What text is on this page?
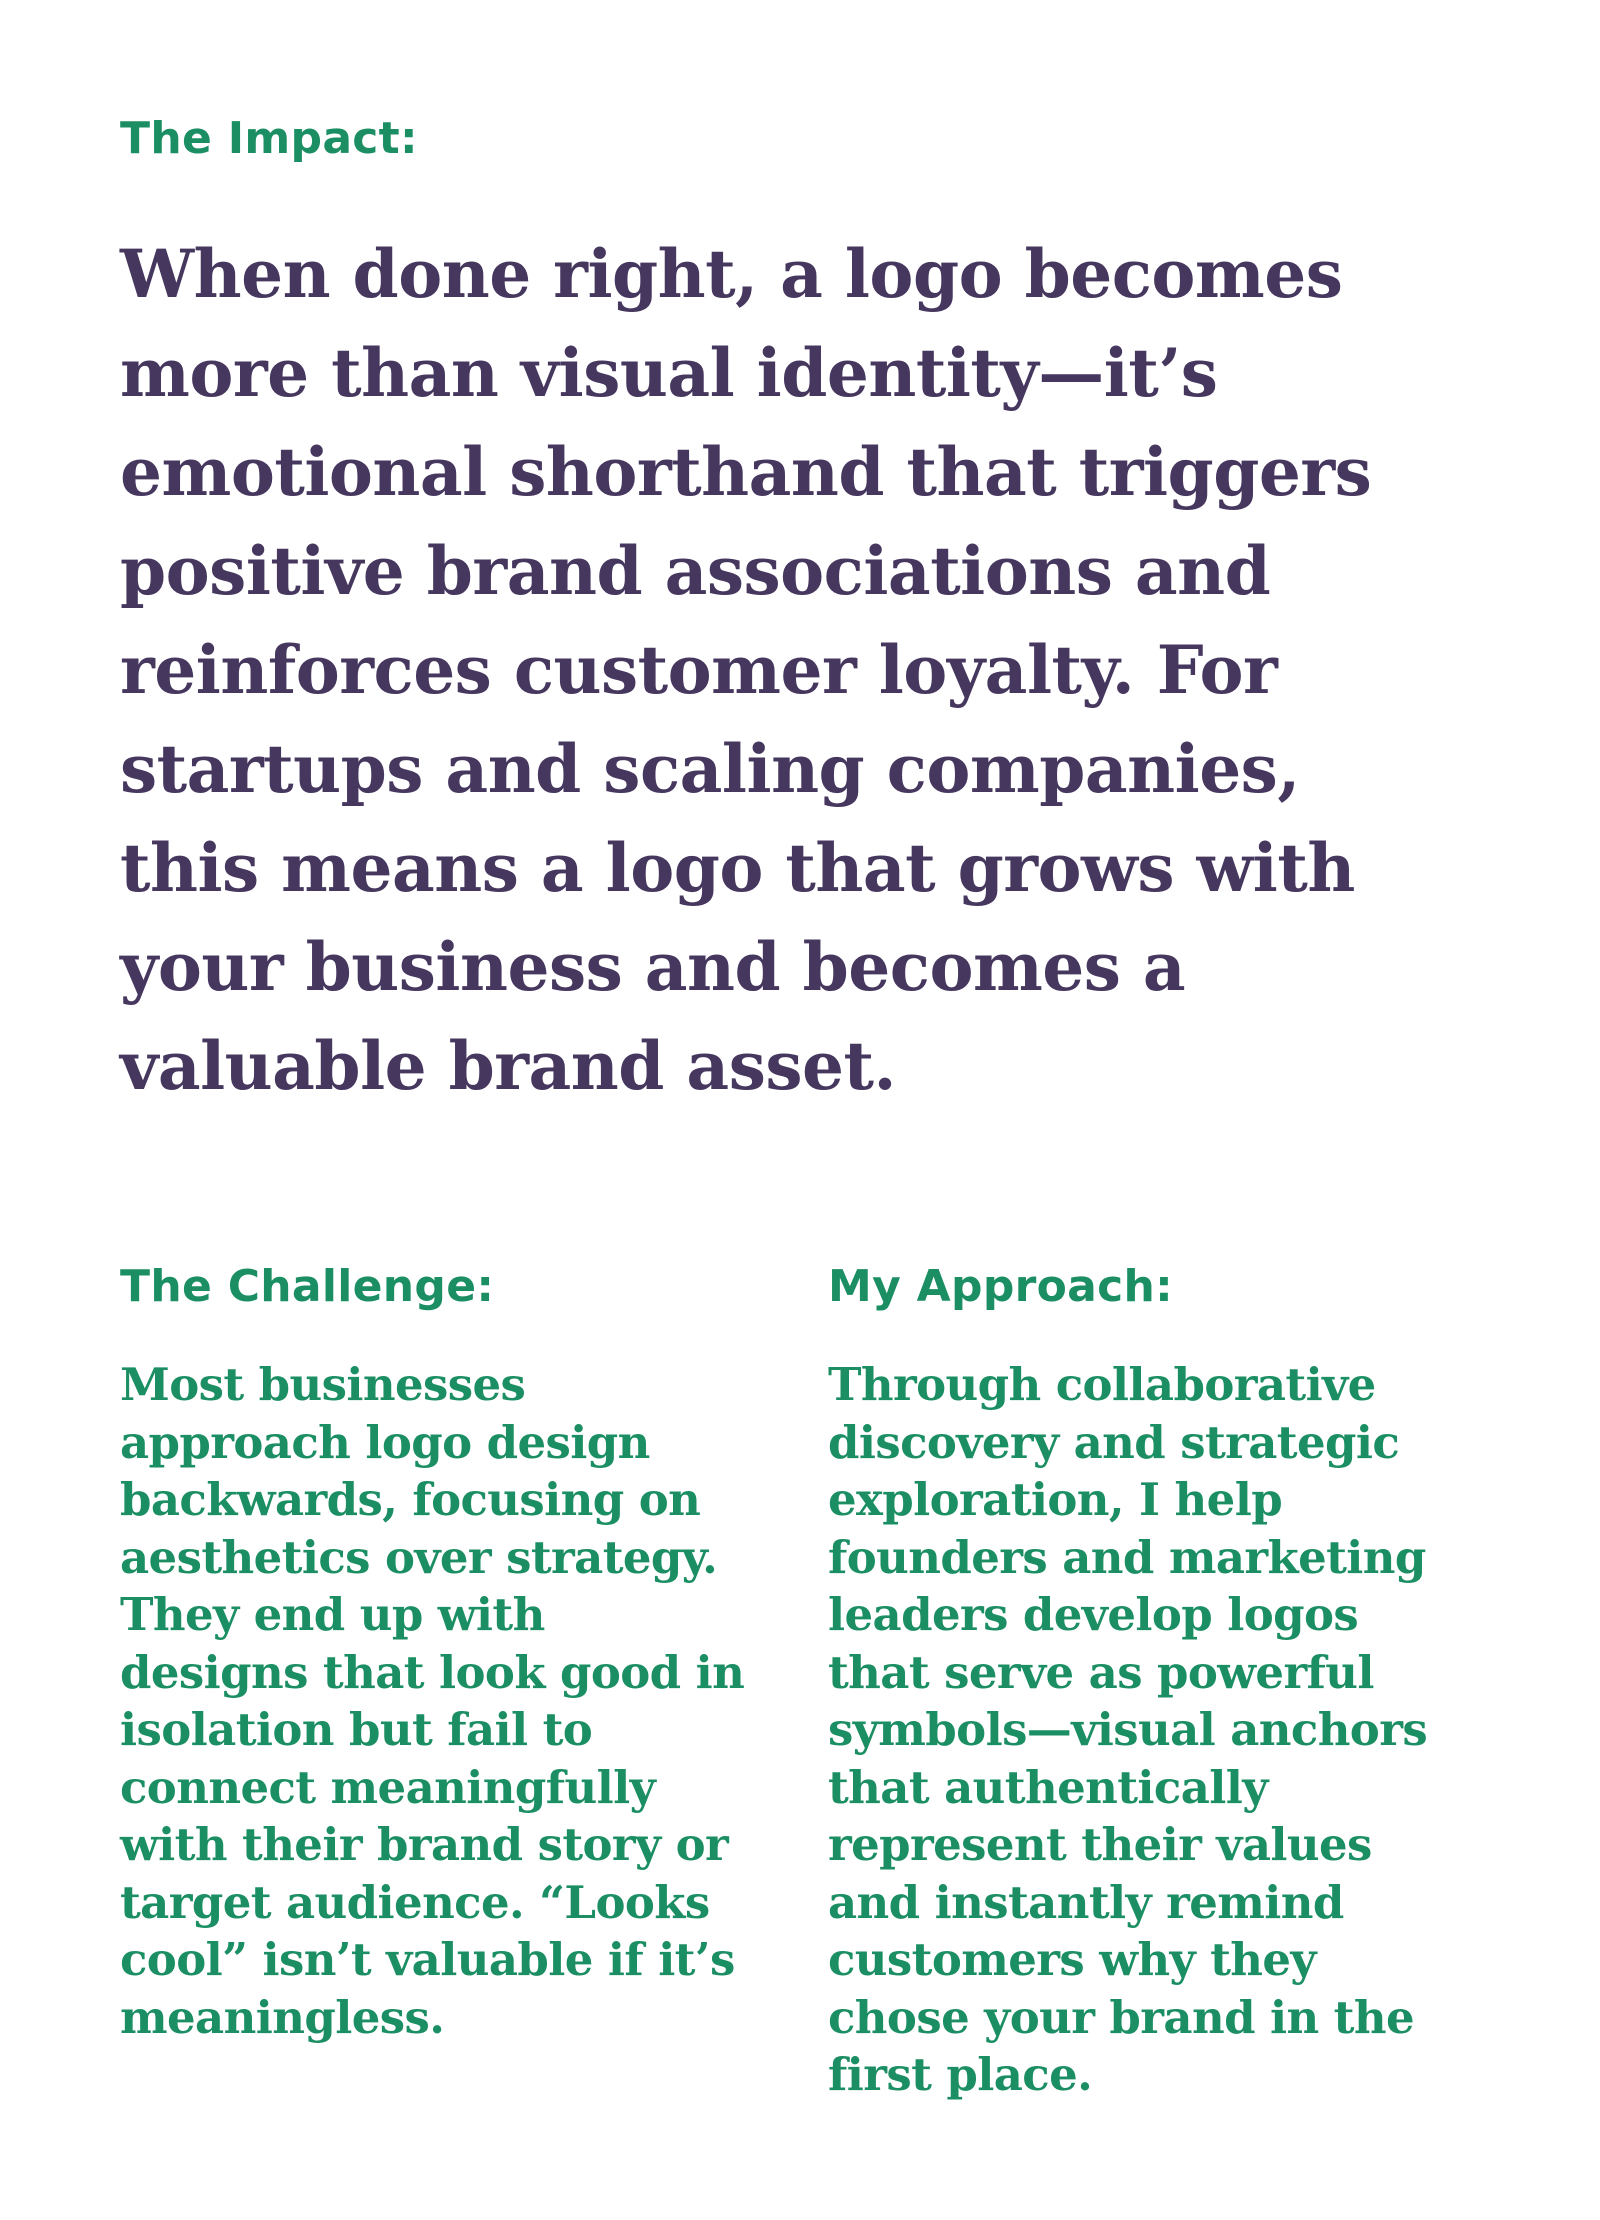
The Impact:
When done right, a logo becomes
more than visual identity—it’s
emotional shorthand that triggers
positive brand associations and
reinforces customer loyalty. For
startups and scaling companies,
this means a logo that grows with
your business and becomes a
valuable brand asset.
The Challenge:
Most businesses
approach logo design
backwards, focusing on
aesthetics over strategy.
They end up with
designs that look good in
isolation but fail to
connect meaningfully
with their brand story or
target audience. “Looks
cool” isn’t valuable if it’s
meaningless.
My Approach:
Through collaborative
discovery and strategic
exploration, I help
founders and marketing
leaders develop logos
that serve as powerful
symbols—visual anchors
that authentically
represent their values
and instantly remind
customers why they
chose your brand in the
first place.
